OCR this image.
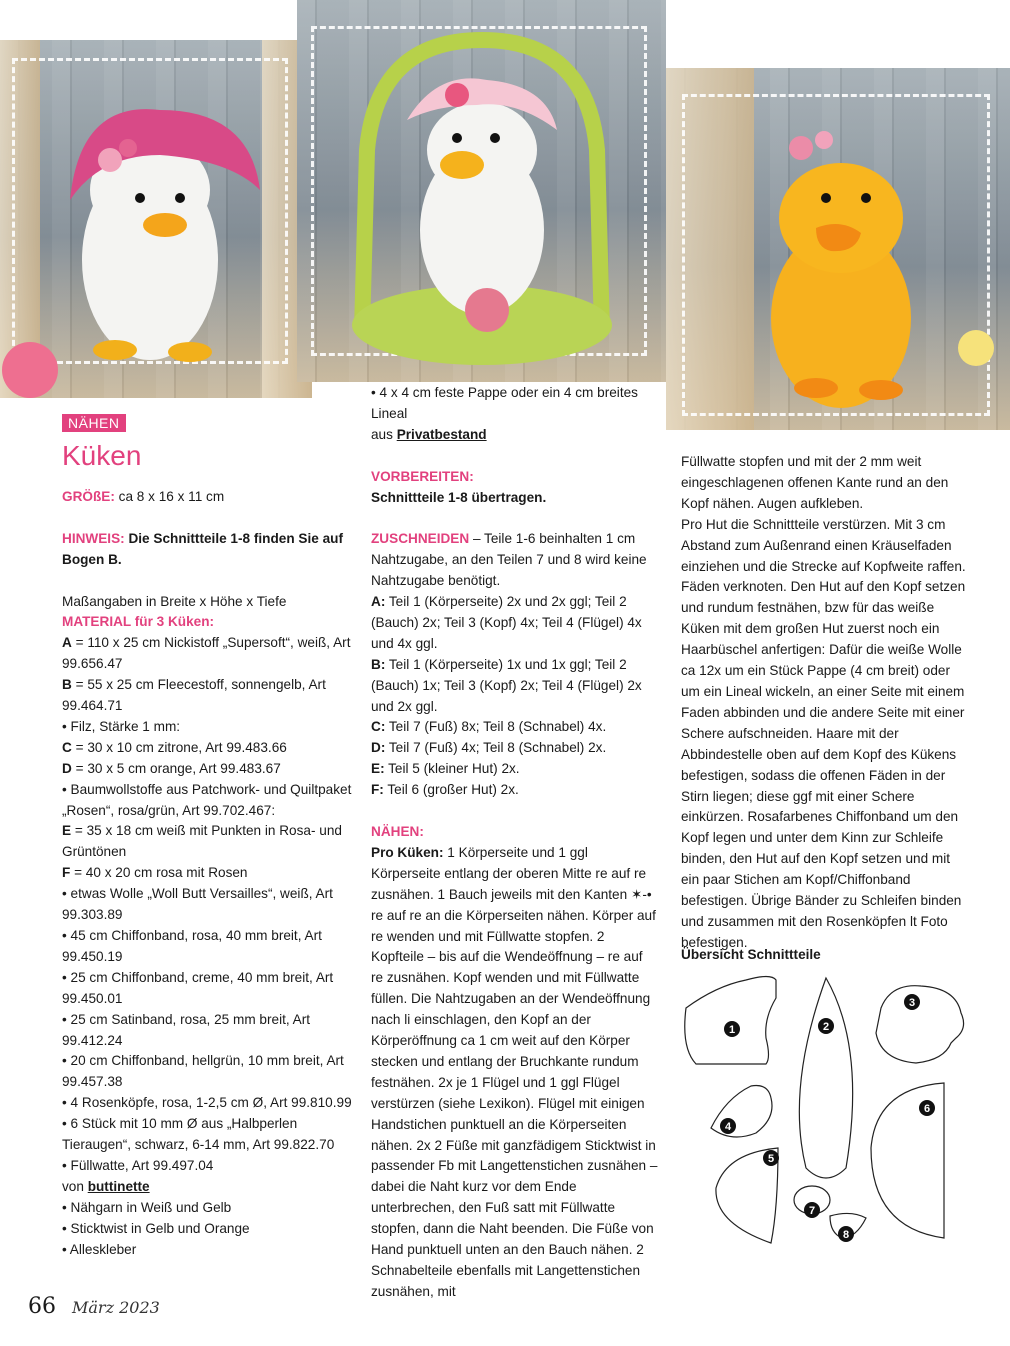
NÄHEN
Küken

GRÖßE: ca 8 x 16 x 11 cm

HINWEIS: Die Schnittteile 1-8 finden Sie auf Bogen B.

Maßangaben in Breite x Höhe x Tiefe

MATERIAL für 3 Küken:

A = 110 x 25 cm Nickistoff „Supersoft“, weiß, Art 99.656.47

B = 55 x 25 cm Fleecestoff, sonnengelb, Art 99.464.71

• Filz, Stärke 1 mm:

C = 30 x 10 cm zitrone, Art 99.483.66

D = 30 x 5 cm orange, Art 99.483.67

• Baumwollstoffe aus Patchwork- und Quiltpaket „Rosen“, rosa/grün, Art 99.702.467:

E = 35 x 18 cm weiß mit Punkten in Rosa- und Grüntönen

F = 40 x 20 cm rosa mit Rosen

• etwas Wolle „Woll Butt Versailles“, weiß, Art 99.303.89

• 45 cm Chiffonband, rosa, 40 mm breit, Art 99.450.19

• 25 cm Chiffonband, creme, 40 mm breit, Art 99.450.01

• 25 cm Satinband, rosa, 25 mm breit, Art 99.412.24

• 20 cm Chiffonband, hellgrün, 10 mm breit, Art 99.457.38

• 4 Rosenköpfe, rosa, 1-2,5 cm Ø, Art 99.810.99

• 6 Stück mit 10 mm Ø aus „Halbperlen Tieraugen“, schwarz, 6-14 mm, Art 99.822.70

• Füllwatte, Art 99.497.04

von buttinette

• Nähgarn in Weiß und Gelb

• Sticktwist in Gelb und Orange

• Alleskleber

• 4 x 4 cm feste Pappe oder ein 4 cm breites Lineal

aus Privatbestand

VORBEREITEN:

Schnittteile 1-8 übertragen.

ZUSCHNEIDEN – Teile 1-6 beinhalten 1 cm Nahtzugabe, an den Teilen 7 und 8 wird keine Nahtzugabe benötigt.

A: Teil 1 (Körperseite) 2x und 2x ggl; Teil 2 (Bauch) 2x; Teil 3 (Kopf) 4x; Teil 4 (Flügel) 4x und 4x ggl.

B: Teil 1 (Körperseite) 1x und 1x ggl; Teil 2 (Bauch) 1x; Teil 3 (Kopf) 2x; Teil 4 (Flügel) 2x und 2x ggl.

C: Teil 7 (Fuß) 8x; Teil 8 (Schnabel) 4x.

D: Teil 7 (Fuß) 4x; Teil 8 (Schnabel) 2x.

E: Teil 5 (kleiner Hut) 2x.

F: Teil 6 (großer Hut) 2x.

NÄHEN:

Pro Küken: 1 Körperseite und 1 ggl Körperseite entlang der oberen Mitte re auf re zusnähen. 1 Bauch jeweils mit den Kanten ✶-• re auf re an die Körperseiten nähen. Körper auf re wenden und mit Füllwatte stopfen. 2 Kopfteile – bis auf die Wendeöffnung – re auf re zusnähen. Kopf wenden und mit Füllwatte füllen. Die Nahtzugaben an der Wendeöffnung nach li einschlagen, den Kopf an der Körperöffnung ca 1 cm weit auf den Körper stecken und entlang der Bruchkante rundum festnähen. 2x je 1 Flügel und 1 ggl Flügel verstürzen (siehe Lexikon). Flügel mit einigen Handstichen punktuell an die Körperseiten nähen. 2x 2 Füße mit ganzfädigem Sticktwist in passender Fb mit Langettenstichen zusnähen – dabei die Naht kurz vor dem Ende unterbrechen, den Fuß satt mit Füllwatte stopfen, dann die Naht beenden. Die Füße von Hand punktuell unten an den Bauch nähen. 2 Schnabelteile ebenfalls mit Langettenstichen zusnähen, mit

Füllwatte stopfen und mit der 2 mm weit eingeschlagenen offenen Kante rund an den Kopf nähen. Augen aufkleben.

Pro Hut die Schnittteile verstürzen. Mit 3 cm Abstand zum Außenrand einen Kräuselfaden einziehen und die Strecke auf Kopfweite raffen. Fäden verknoten. Den Hut auf den Kopf setzen und rundum festnähen, bzw für das weiße Küken mit dem großen Hut zuerst noch ein Haarbüschel anfertigen: Dafür die weiße Wolle ca 12x um ein Stück Pappe (4 cm breit) oder um ein Lineal wickeln, an einer Seite mit einem Faden abbinden und die andere Seite mit einer Schere aufschneiden. Haare mit der Abbindestelle oben auf dem Kopf des Kükens befestigen, sodass die offenen Fäden in der Stirn liegen; diese ggf mit einer Schere einkürzen. Rosafarbenes Chiffonband um den Kopf legen und unter dem Kinn zur Schleife binden, den Hut auf den Kopf setzen und mit ein paar Stichen am Kopf/Chiffonband befestigen. Übrige Bänder zu Schleifen binden und zusammen mit den Rosenköpfen lt Foto befestigen.

Übersicht Schnittteile
1	2
3
4
5
6
7
8
66 März 2023
